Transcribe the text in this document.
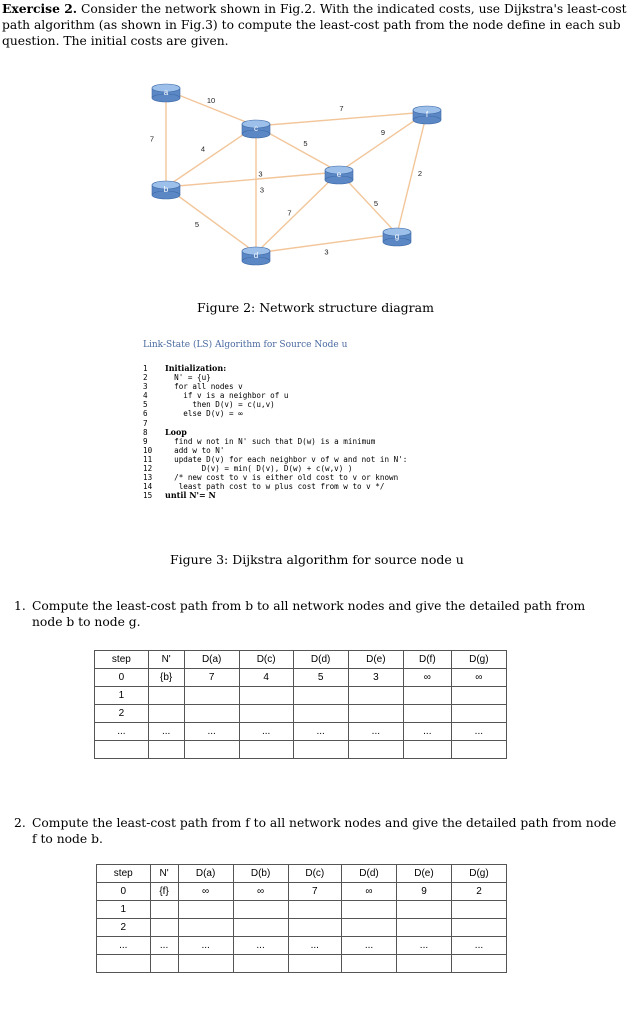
Exercise 2. Consider the network shown in Fig.2. With the indicated costs, use Dijkstra's least-cost path algorithm (as shown in Fig.3) to compute the least-cost path from the node define in each sub question. The initial costs are given.
7
10
4
3
5
7
5
3
9
5
7
2
3
a
b
c
d
e
f
g
Figure 2: Network structure diagram
Link-State (LS) Algorithm for Source Node u
1 Initialization:
2  N' = {u}
3  for all nodes v
4    if v is a neighbor of u
5      then D(v) = c(u,v)
6    else D(v) = ∞
7
8 Loop
9  find w not in N' such that D(w) is a minimum
10  add w to N'
11  update D(v) for each neighbor v of w and not in N':
12        D(v) = min( D(v), D(w) + c(w,v) )
13  /* new cost to v is either old cost to v or known
14   least path cost to w plus cost from w to v */
15 until N'= N
Figure 3: Dijkstra algorithm for source node u
1. Compute the least-cost path from b to all network nodes and give the detailed path from node b to node g.
step	N'	D(a)	D(c)	D(d)	D(e)	D(f)	D(g)
0	{b}	7	4	5	3	∞	∞
1							
2							
...	...	...	...	...	...	...	...

2. Compute the least-cost path from f to all network nodes and give the detailed path from node f to node b.
step	N'	D(a)	D(b)	D(c)	D(d)	D(e)	D(g)
0	{f}	∞	∞	7	∞	9	2
1							
2							
...	...	...	...	...	...	...	...
